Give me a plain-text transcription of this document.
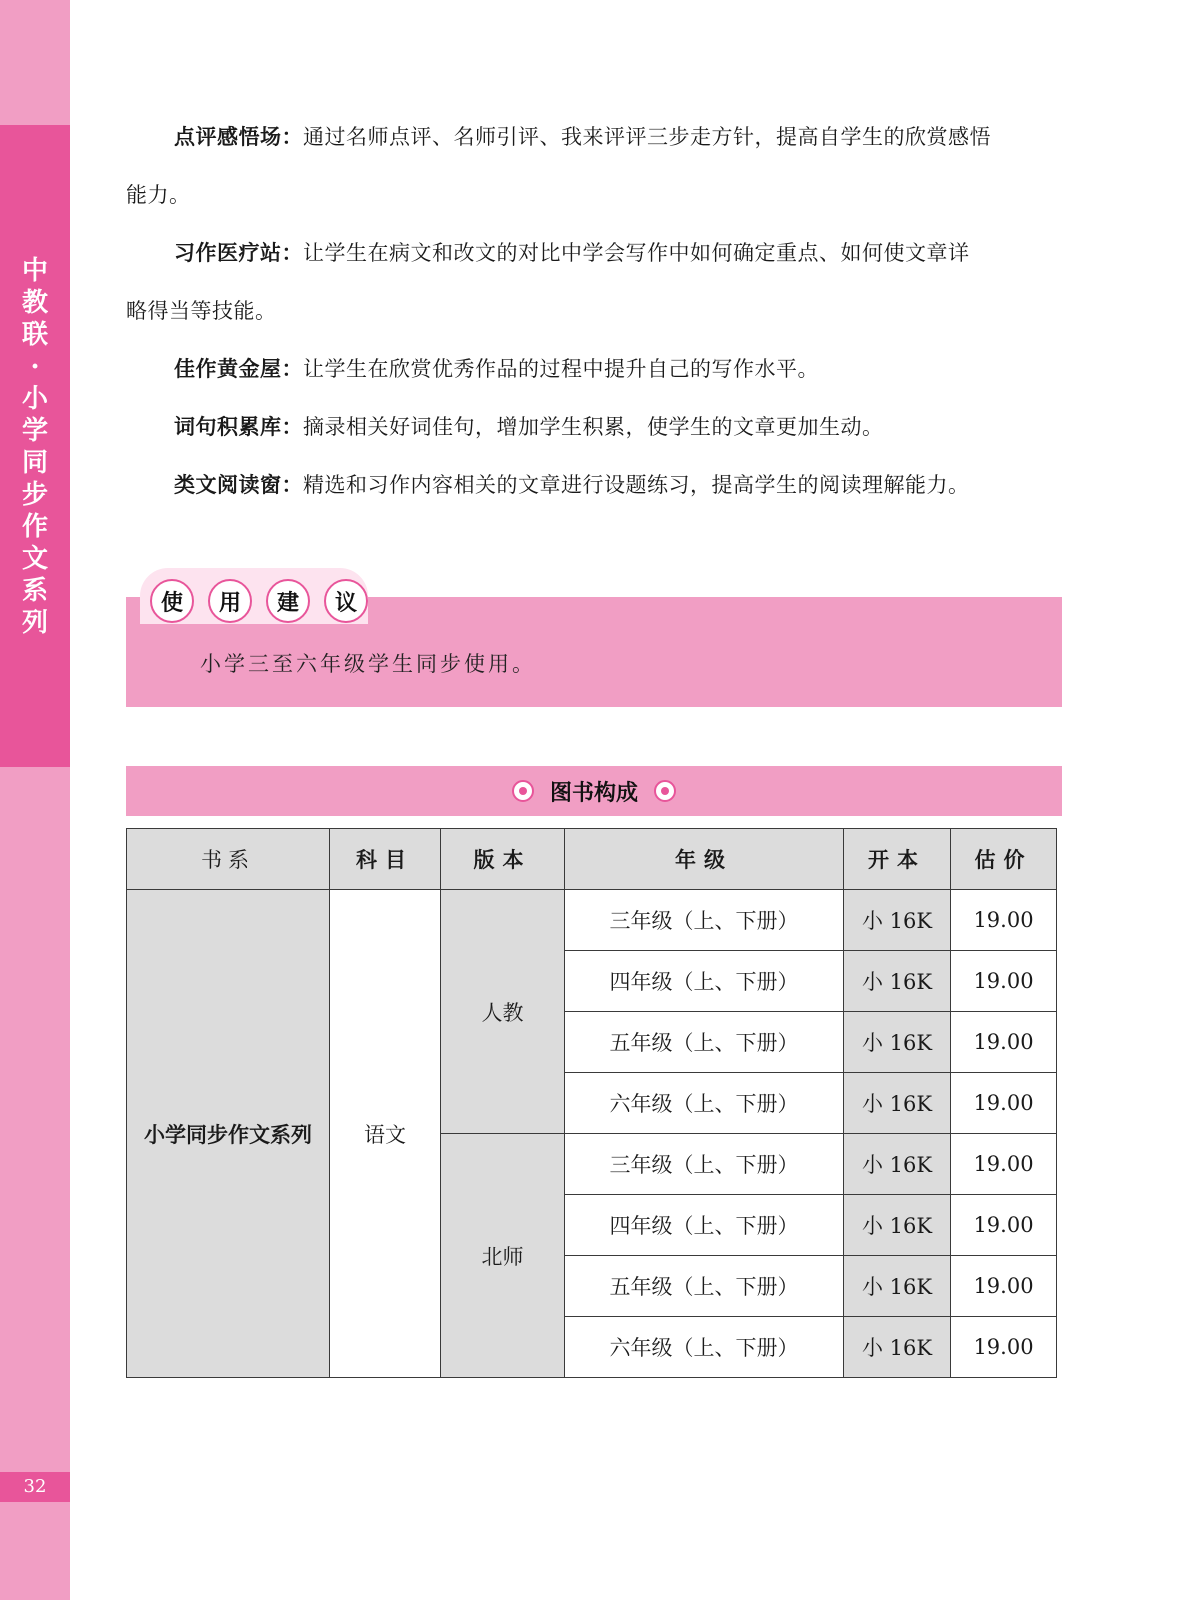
中
教
联
·
小
学
同
步
作
文
系
列
32
点评感悟场：通过名师点评、名师引评、我来评评三步走方针，提高自学生的欣赏感悟
能力。
习作医疗站：让学生在病文和改文的对比中学会写作中如何确定重点、如何使文章详
略得当等技能。
佳作黄金屋：让学生在欣赏优秀作品的过程中提升自己的写作水平。
词句积累库：摘录相关好词佳句，增加学生积累，使学生的文章更加生动。
类文阅读窗：精选和习作内容相关的文章进行设题练习，提高学生的阅读理解能力。
使	用	建	议
小学三至六年级学生同步使用。
图书构成
书系	科目	版本	年级	开本	估价
小学同步作文系列	语文	人教	三年级（上、下册）	小 16K	19.00
			四年级（上、下册）	小 16K	19.00
			五年级（上、下册）	小 16K	19.00
			六年级（上、下册）	小 16K	19.00
		北师	三年级（上、下册）	小 16K	19.00
			四年级（上、下册）	小 16K	19.00
			五年级（上、下册）	小 16K	19.00
			六年级（上、下册）	小 16K	19.00
